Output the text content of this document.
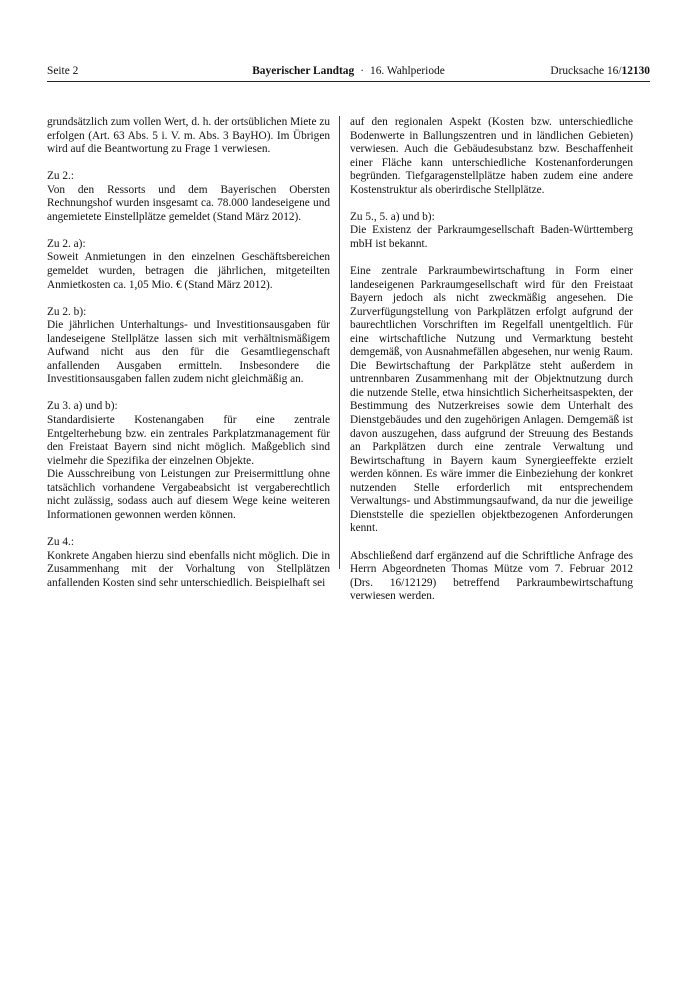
Seite 2	Bayerischer Landtag · 16. Wahlperiode	Drucksache 16/12130

grundsätzlich zum vollen Wert, d. h. der ortsüblichen Miete zu erfolgen (Art. 63 Abs. 5 i. V. m. Abs. 3 BayHO). Im Übrigen wird auf die Beantwortung zu Frage 1 verwiesen.

Zu 2.:
Von den Ressorts und dem Bayerischen Obersten Rechnungshof wurden insgesamt ca. 78.000 landeseigene und angemietete Einstellplätze gemeldet (Stand März 2012).

Zu 2. a):
Soweit Anmietungen in den einzelnen Geschäftsbereichen gemeldet wurden, betragen die jährlichen, mitgeteilten Anmietkosten ca. 1,05 Mio. € (Stand März 2012).

Zu 2. b):
Die jährlichen Unterhaltungs- und Investitionsausgaben für landeseigene Stellplätze lassen sich mit verhältnismäßigem Aufwand nicht aus den für die Gesamtliegenschaft anfallenden Ausgaben ermitteln. Insbesondere die Investitionsausgaben fallen zudem nicht gleichmäßig an.

Zu 3. a) und b):
Standardisierte Kostenangaben für eine zentrale Entgelterhebung bzw. ein zentrales Parkplatzmanagement für den Freistaat Bayern sind nicht möglich. Maßgeblich sind vielmehr die Spezifika der einzelnen Objekte.
Die Ausschreibung von Leistungen zur Preisermittlung ohne tatsächlich vorhandene Vergabeabsicht ist vergaberechtlich nicht zulässig, sodass auch auf diesem Wege keine weiteren Informationen gewonnen werden können.

Zu 4.:
Konkrete Angaben hierzu sind ebenfalls nicht möglich. Die in Zusammenhang mit der Vorhaltung von Stellplätzen anfallenden Kosten sind sehr unterschiedlich. Beispielhaft sei

auf den regionalen Aspekt (Kosten bzw. unterschiedliche Bodenwerte in Ballungszentren und in ländlichen Gebieten) verwiesen. Auch die Gebäudesubstanz bzw. Beschaffenheit einer Fläche kann unterschiedliche Kostenanforderungen begründen. Tiefgaragenstellplätze haben zudem eine andere Kostenstruktur als oberirdische Stellplätze.

Zu 5., 5. a) und b):
Die Existenz der Parkraumgesellschaft Baden-Württemberg mbH ist bekannt.

Eine zentrale Parkraumbewirtschaftung in Form einer landeseigenen Parkraumgesellschaft wird für den Freistaat Bayern jedoch als nicht zweckmäßig angesehen. Die Zurverfügungstellung von Parkplätzen erfolgt aufgrund der baurechtlichen Vorschriften im Regelfall unentgeltlich. Für eine wirtschaftliche Nutzung und Vermarktung besteht demgemäß, von Ausnahmefällen abgesehen, nur wenig Raum. Die Bewirtschaftung der Parkplätze steht außerdem in untrennbaren Zusammenhang mit der Objektnutzung durch die nutzende Stelle, etwa hinsichtlich Sicherheitsaspekten, der Bestimmung des Nutzerkreises sowie dem Unterhalt des Dienstgebäudes und den zugehörigen Anlagen. Demgemäß ist davon auszugehen, dass aufgrund der Streuung des Bestands an Parkplätzen durch eine zentrale Verwaltung und Bewirtschaftung in Bayern kaum Synergieeffekte erzielt werden können. Es wäre immer die Einbeziehung der konkret nutzenden Stelle erforderlich mit entsprechendem Verwaltungs- und Abstimmungsaufwand, da nur die jeweilige Dienststelle die speziellen objektbezogenen Anforderungen kennt.

Abschließend darf ergänzend auf die Schriftliche Anfrage des Herrn Abgeordneten Thomas Mütze vom 7. Februar 2012 (Drs. 16/12129) betreffend Parkraumbewirtschaftung verwiesen werden.
